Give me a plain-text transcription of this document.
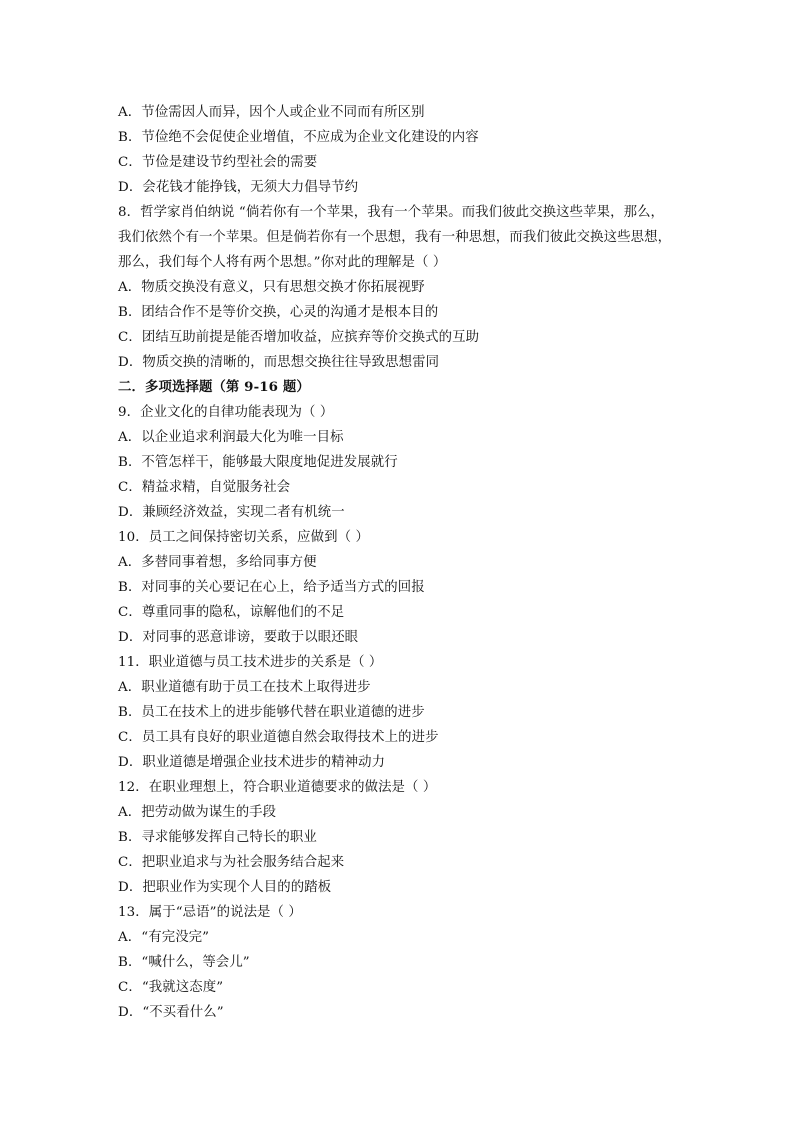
A．节俭需因人而异，因个人或企业不同而有所区别
B．节俭绝不会促使企业增值，不应成为企业文化建设的内容
C．节俭是建设节约型社会的需要
D．会花钱才能挣钱，无须大力倡导节约
8．哲学家肖伯纳说 “倘若你有一个苹果，我有一个苹果。而我们彼此交换这些苹果，那么，
我们依然个有一个苹果。但是倘若你有一个思想，我有一种思想，而我们彼此交换这些思想，
那么，我们每个人将有两个思想。”你对此的理解是（ ）
A．物质交换没有意义，只有思想交换才你拓展视野
B．团结合作不是等价交换，心灵的沟通才是根本目的
C．团结互助前提是能否增加收益，应摈弃等价交换式的互助
D．物质交换的清晰的，而思想交换往往导致思想雷同
二．多项选择题（第 9-16 题）
9．企业文化的自律功能表现为（ ）
A．以企业追求利润最大化为唯一目标
B．不管怎样干，能够最大限度地促进发展就行
C．精益求精，自觉服务社会
D．兼顾经济效益，实现二者有机统一
10．员工之间保持密切关系，应做到（ ）
A．多替同事着想，多给同事方便
B．对同事的关心要记在心上，给予适当方式的回报
C．尊重同事的隐私，谅解他们的不足
D．对同事的恶意诽谤，要敢于以眼还眼
11．职业道德与员工技术进步的关系是（ ）
A．职业道德有助于员工在技术上取得进步
B．员工在技术上的进步能够代替在职业道德的进步
C．员工具有良好的职业道德自然会取得技术上的进步
D．职业道德是增强企业技术进步的精神动力
12．在职业理想上，符合职业道德要求的做法是（ ）
A．把劳动做为谋生的手段
B．寻求能够发挥自己特长的职业
C．把职业追求与为社会服务结合起来
D．把职业作为实现个人目的的踏板
13．属于“忌语”的说法是（ ）
A．“有完没完”
B．“喊什么，等会儿”
C．“我就这态度”
D．“不买看什么”
